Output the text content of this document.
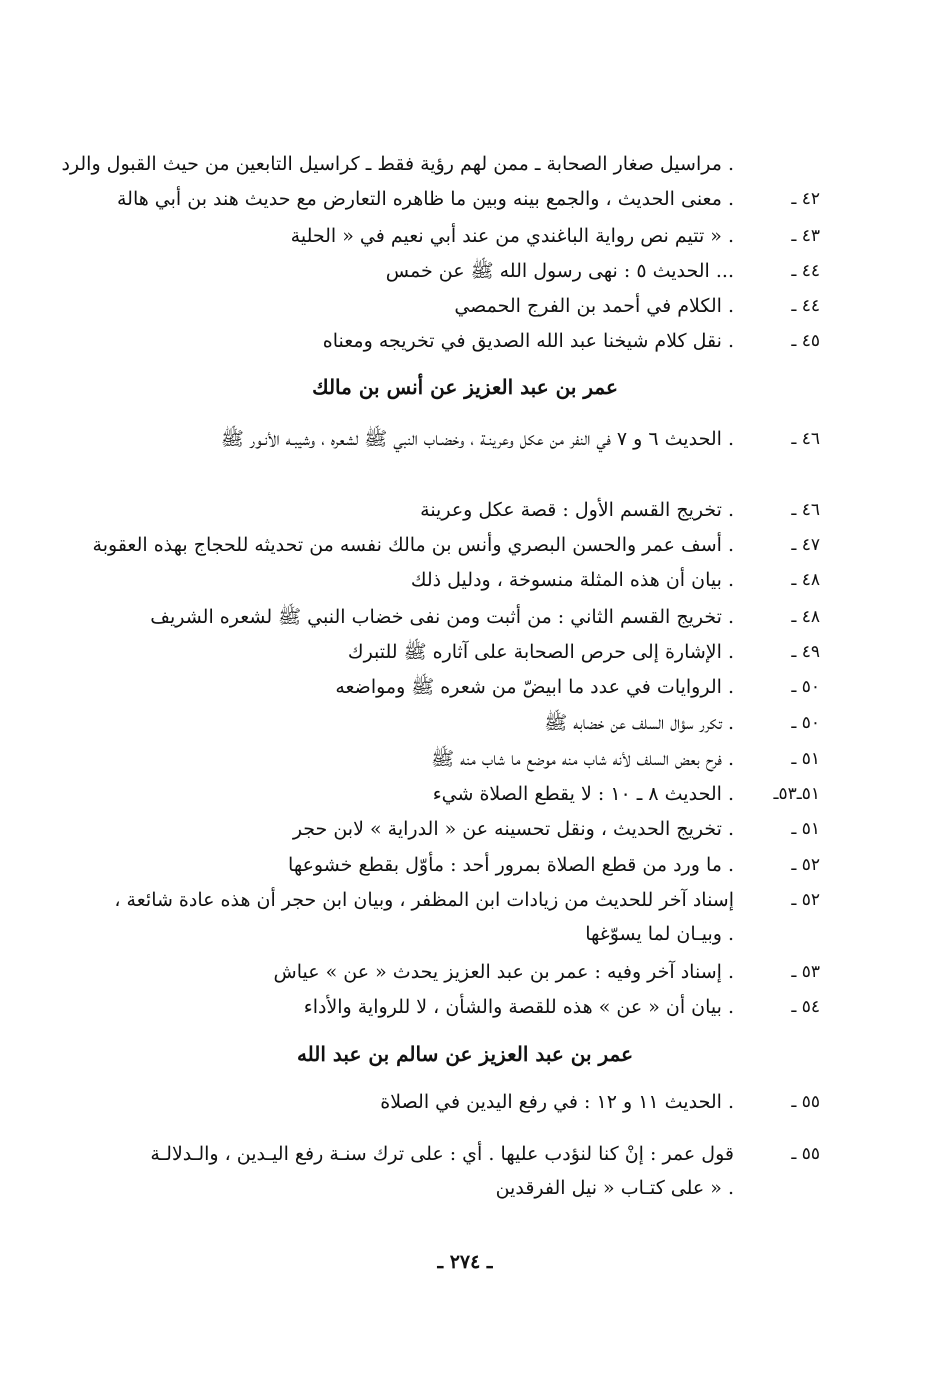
مراسيل صغار الصحابة ـ ممن لهم رؤية فقط ـ كراسيل التابعين من حيث القبول والرد .
٤٢ ـ
معنى الحديث ، والجمع بينه وبين ما ظاهره التعارض مع حديث هند بن أبي هالة .
٤٣ ـ
تتيم نص رواية الباغندي من عند أبي نعيم في « الحلية » .
٤٤ ـ
الحديث ٥ : نهى رسول الله ﷺ عن خمس ...
٤٤ ـ
الكلام في أحمد بن الفرج الحمصي .
٤٥ ـ
نقل كلام شيخنا عبد الله الصديق في تخريجه ومعناه .
عمر بن عبد العزيز عن أنس بن مالك
٤٦ ـ
الحديث ٦ و ٧ في النفر من عكل وعرينـة ، وخضـاب النبي ﷺ لشعره ، وشيبـه الأنـور ﷺ .
٤٦ ـ
تخريج القسم الأول : قصة عكل وعرينة .
٤٧ ـ
أسف عمر والحسن البصري وأنس بن مالك نفسه من تحديثه للحجاج بهذه العقوبة .
٤٨ ـ
بيان أن هذه المثلة منسوخة ، ودليل ذلك .
٤٨ ـ
تخريج القسم الثاني : من أثبت ومن نفى خضاب النبي ﷺ لشعره الشريف .
٤٩ ـ
الإشارة إلى حرص الصحابة على آثاره ﷺ للتبرك .
٥٠ ـ
الروايات في عدد ما ابيضّ من شعره ﷺ ومواضعه .
٥٠ ـ
تكرر سؤال السلف عن خضابه ﷺ .
٥١ ـ
فرح بعض السلف لأنه شاب منه موضع ما شاب منه ﷺ .
٥١ـ٥٣ـ
الحديث ٨ ـ ١٠ : لا يقطع الصلاة شيء .
٥١ ـ
تخريج الحديث ، ونقل تحسينه عن « الدراية » لابن حجر .
٥٢ ـ
ما ورد من قطع الصلاة بمرور أحد : مأوّل بقطع خشوعها .
٥٢ ـ
إسناد آخر للحديث من زيادات ابن المظفر ، وبيان ابن حجر أن هذه عادة شائعة ، وبيـان لما يسوّغها .
٥٣ ـ
إسناد آخر وفيه : عمر بن عبد العزيز يحدث « عن » عياش .
٥٤ ـ
بيان أن « عن » هذه للقصة والشأن ، لا للرواية والأداء .
عمر بن عبد العزيز عن سالم بن عبد الله
٥٥ ـ
الحديث ١١ و ١٢ : في رفع اليدين في الصلاة .
٥٥ ـ
قول عمر : إنْ كنا لنؤدب عليها . أي : على ترك سنـة رفع اليـدين ، والـدلالـة على كتـاب « نيل الفرقدين » .
ـ ٢٧٤ ـ
